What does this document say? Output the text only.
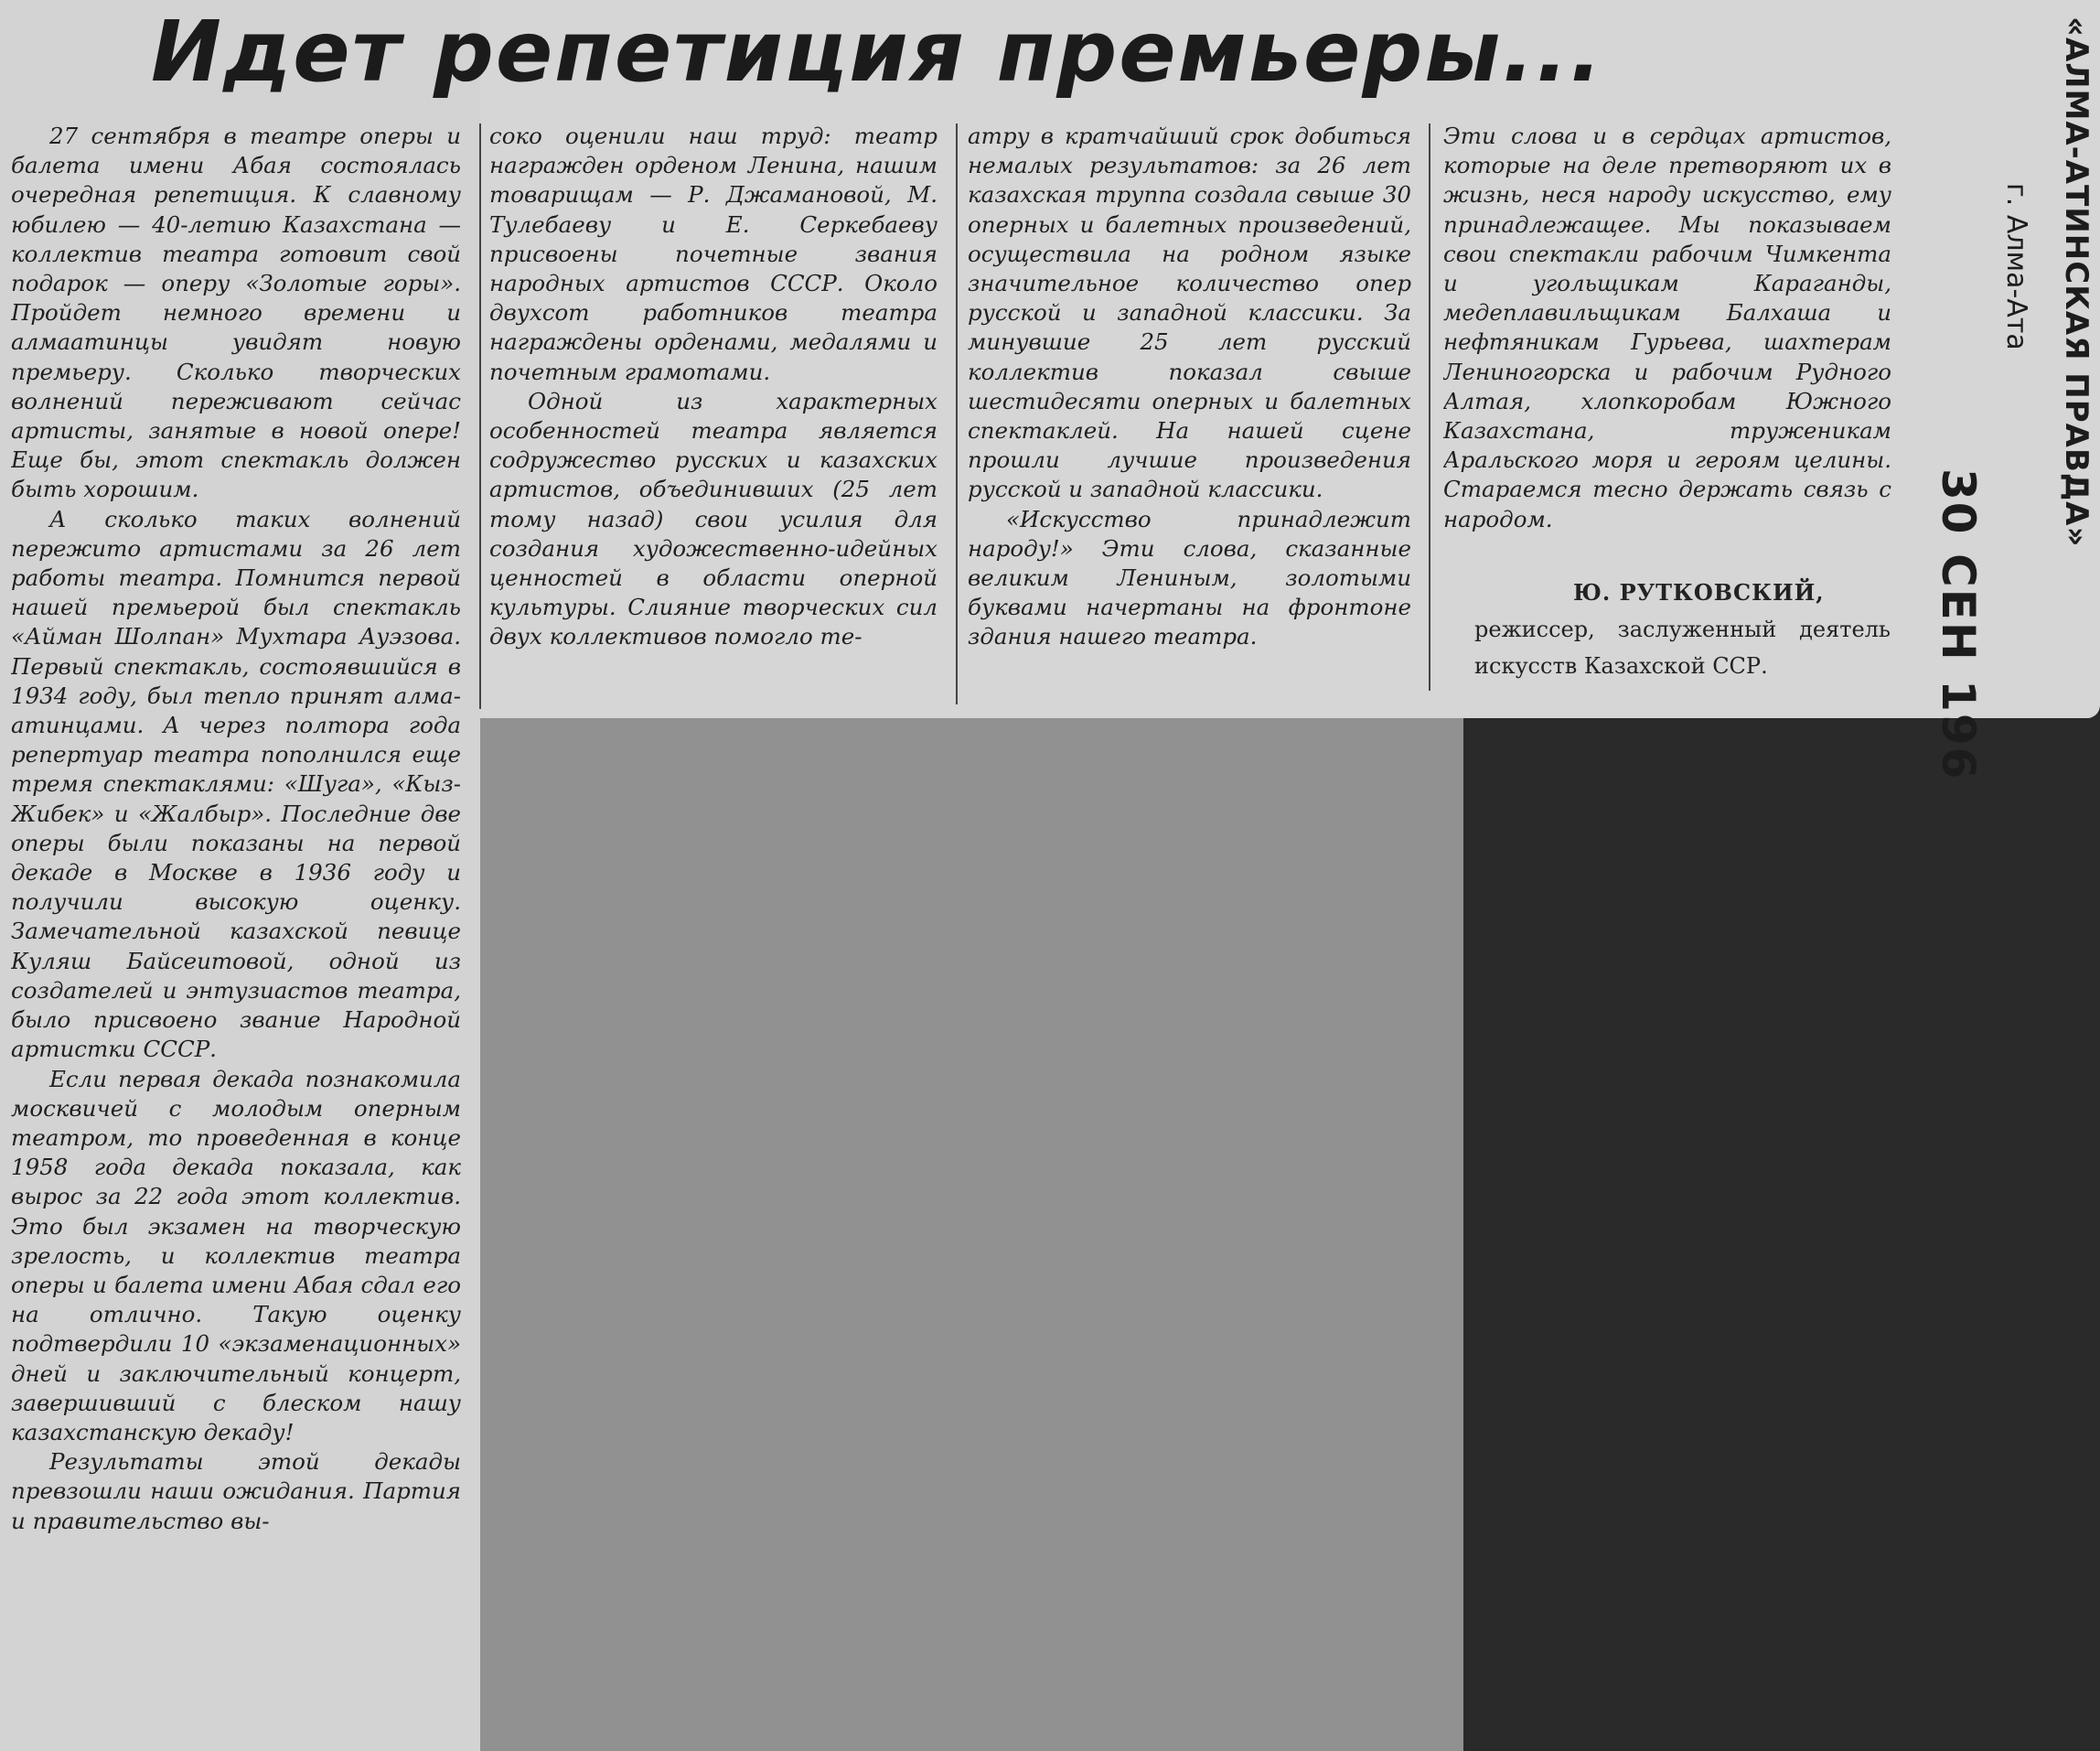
Идет репетиция премьеры...

27 сентября в театре оперы и балета имени Абая состоялась очередная репетиция. К славному юбилею — 40-летию Казахстана — коллектив театра готовит свой подарок — оперу «Золотые горы». Пройдет немного времени и алмаатинцы увидят новую премьеру. Сколько творческих волнений переживают сейчас артисты, занятые в новой опере! Еще бы, этот спектакль должен быть хорошим.

А сколько таких волнений пережито артистами за 26 лет работы театра. Помнится первой нашей премьерой был спектакль «Айман Шолпан» Мухтара Ауэзова. Первый спектакль, состоявшийся в 1934 году, был тепло принят алма-атинцами. А через полтора года репертуар театра пополнился еще тремя спектаклями: «Шуга», «Кыз-Жибек» и «Жалбыр». Последние две оперы были показаны на первой декаде в Москве в 1936 году и получили высокую оценку. Замечательной казахской певице Куляш Байсеитовой, одной из создателей и энтузиастов театра, было присвоено звание Народной артистки СССР.

Если первая декада познакомила москвичей с молодым оперным театром, то проведенная в конце 1958 года декада показала, как вырос за 22 года этот коллектив. Это был экзамен на творческую зрелость, и коллектив театра оперы и балета имени Абая сдал его на отлично. Такую оценку подтвердили 10 «экзаменационных» дней и заключительный концерт, завершивший с блеском нашу казахстанскую декаду!

Результаты этой декады превзошли наши ожидания. Партия и правительство вы-

соко оценили наш труд: театр награжден орденом Ленина, нашим товарищам — Р. Джамановой, М. Тулебаеву и Е. Серкебаеву присвоены почетные звания народных артистов СССР. Около двухсот работников театра награждены орденами, медалями и почетным грамотами.

Одной из характерных особенностей театра является содружество русских и казахских артистов, объединивших (25 лет тому назад) свои усилия для создания художественно-идейных ценностей в области оперной культуры. Слияние творческих сил двух коллективов помогло те-

атру в кратчайший срок добиться немалых результатов: за 26 лет казахская труппа создала свыше 30 оперных и балетных произведений, осуществила на родном языке значительное количество опер русской и западной классики. За минувшие 25 лет русский коллектив показал свыше шестидесяти оперных и балетных спектаклей. На нашей сцене прошли лучшие произведения русской и западной классики.

«Искусство принадлежит народу!» Эти слова, сказанные великим Лениным, золотыми буквами начертаны на фронтоне здания нашего театра.

Эти слова и в сердцах артистов, которые на деле претворяют их в жизнь, неся народу искусство, ему принадлежащее. Мы показываем свои спектакли рабочим Чимкента и угольщикам Караганды, медеплавильщикам Балхаша и нефтяникам Гурьева, шахтерам Лениногорска и рабочим Рудного Алтая, хлопкоробам Южного Казахстана, труженикам Аральского моря и героям целины. Стараемся тесно держать связь с народом.

Ю. РУТКОВСКИЙ,
режиссер, заслуженный деятель искусств Казахской ССР.
«АЛМА-АТИНСКАЯ ПРАВДА»
г. Алма-Ата
30 СЕН 196
